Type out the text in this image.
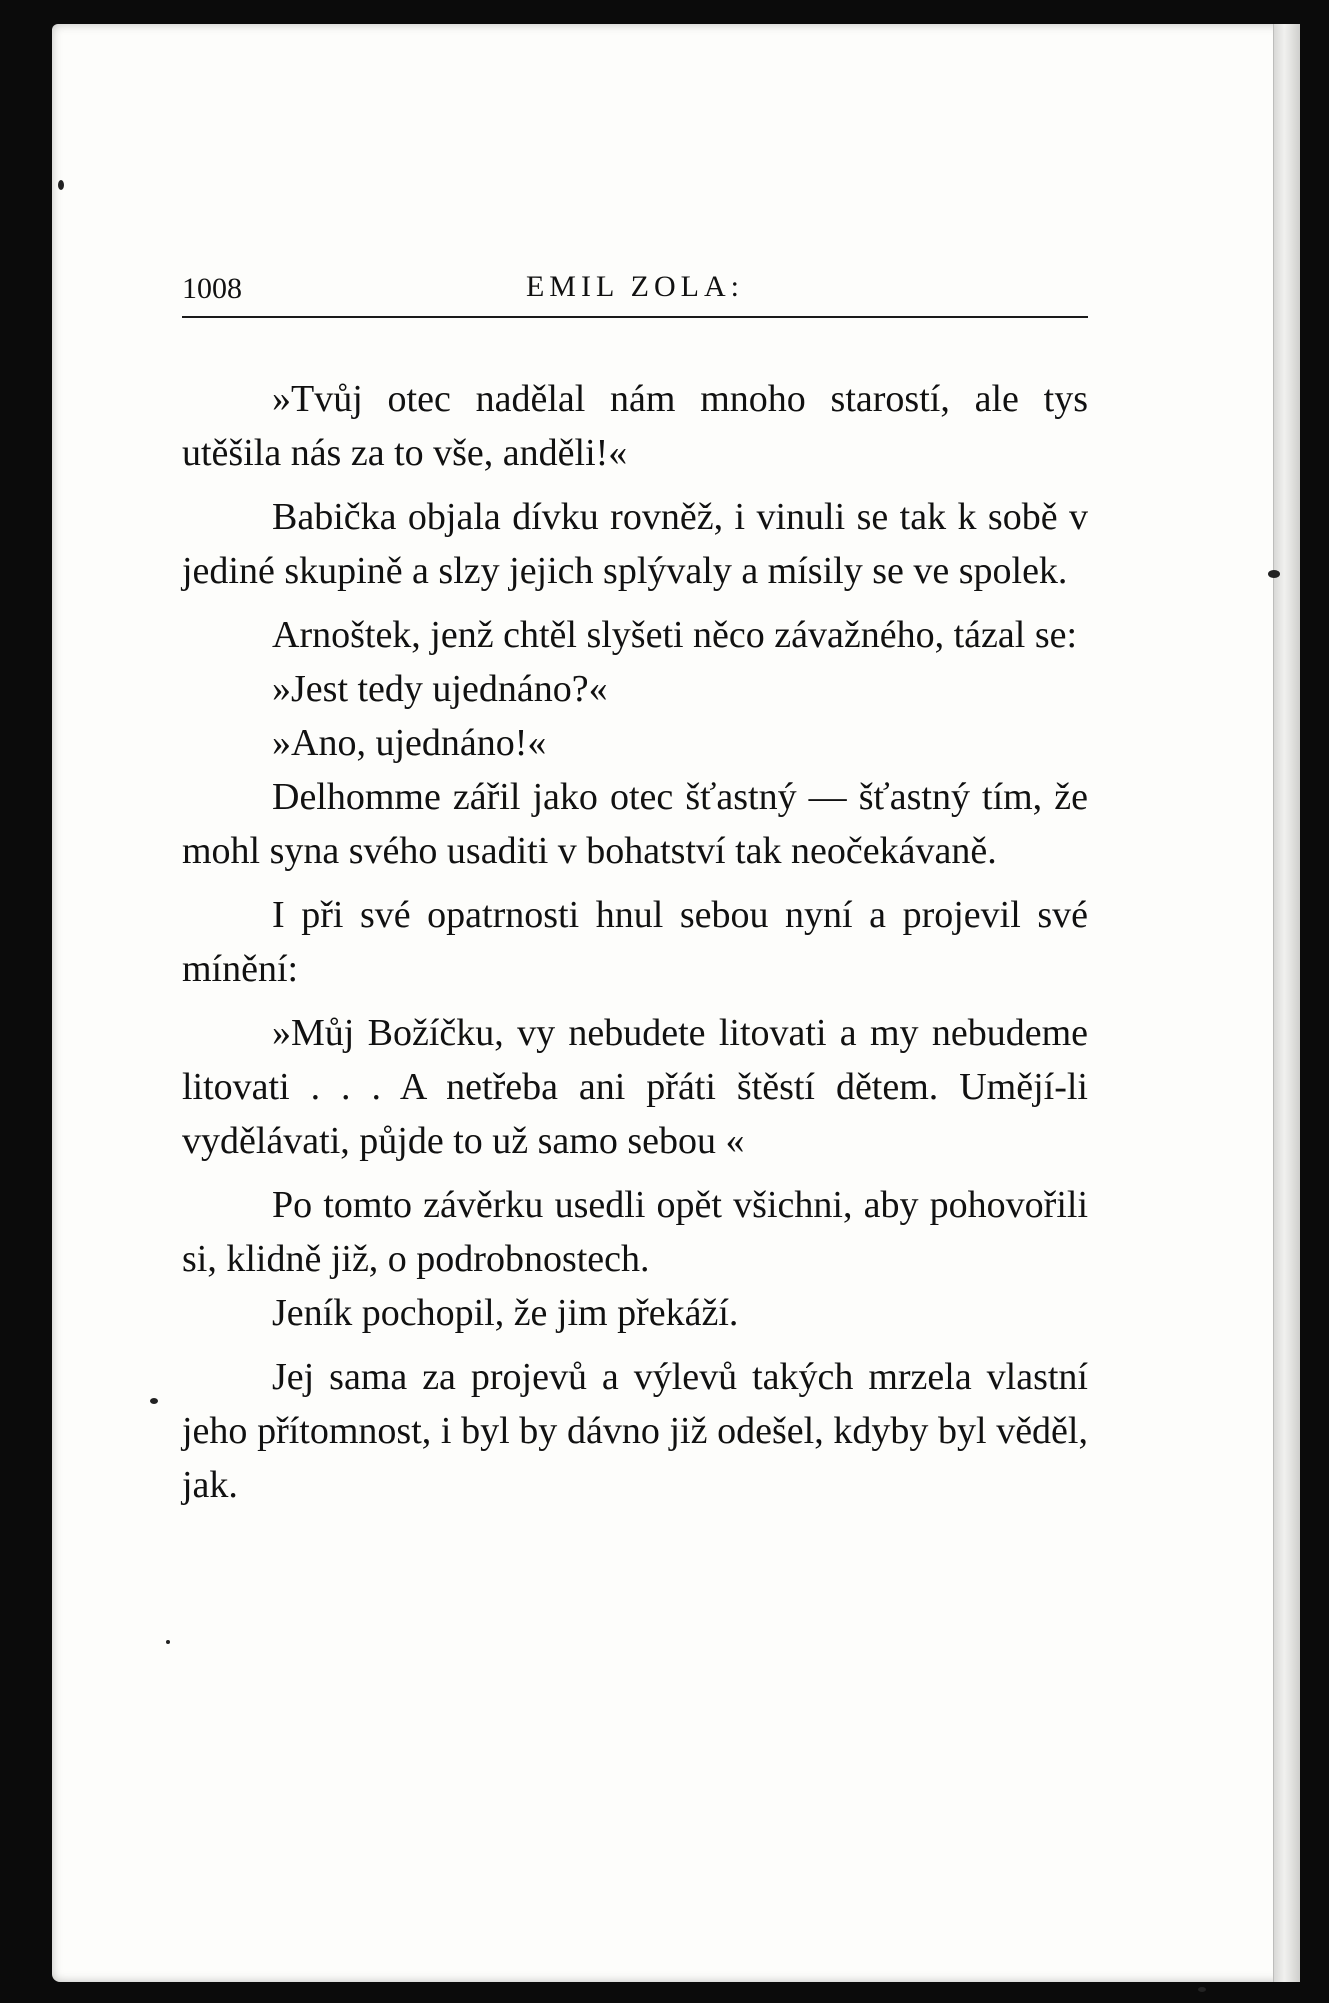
1008	EMIL ZOLA:

»Tvůj otec nadělal nám mnoho starostí, ale tys utěšila nás za to vše, anděli!«

Babička objala dívku rovněž, i vinuli se tak k sobě v jediné skupině a slzy jejich splývaly a mísily se ve spolek.

Arnoštek, jenž chtěl slyšeti něco závažného, tázal se:

»Jest tedy ujednáno?«

»Ano, ujednáno!«

Delhomme zářil jako otec šťastný — šťastný tím, že mohl syna svého usaditi v bohatství tak neočekávaně.

I při své opatrnosti hnul sebou nyní a projevil své mínění:

»Můj Božíčku, vy nebudete litovati a my nebudeme litovati . . . A netřeba ani přáti štěstí dětem. Umějí-li vydělávati, půjde to už samo sebou «

Po tomto závěrku usedli opět všichni, aby pohovořili si, klidně již, o podrobnostech.

Jeník pochopil, že jim překáží.

Jej sama za projevů a výlevů takých mrzela vlastní jeho přítomnost, i byl by dávno již odešel, kdyby byl věděl, jak.
